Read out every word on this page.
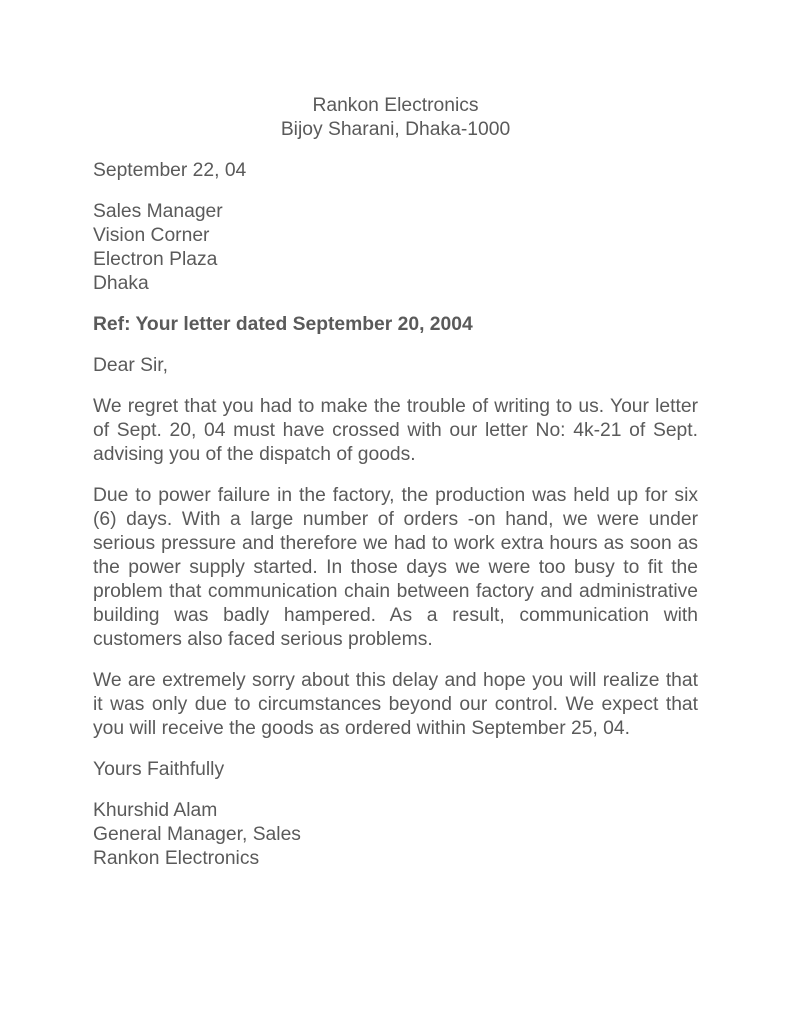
Rankon Electronics
Bijoy Sharani, Dhaka-1000
September 22, 04
Sales Manager
Vision Corner
Electron Plaza
Dhaka
Ref: Your letter dated September 20, 2004
Dear Sir,

We regret that you had to make the trouble of writing to us. Your letter of Sept. 20, 04 must have crossed with our letter No: 4k-21 of Sept. advising you of the dispatch of goods.

Due to power failure in the factory, the production was held up for six (6) days. With a large number of orders -on hand, we were under serious pressure and therefore we had to work extra hours as soon as the power supply started. In those days we were too busy to fit the problem that communication chain between factory and administrative building was badly hampered. As a result, communication with customers also faced serious problems.

We are extremely sorry about this delay and hope you will realize that it was only due to circumstances beyond our control. We expect that you will receive the goods as ordered within September 25, 04.

Yours Faithfully
Khurshid Alam
General Manager, Sales
Rankon Electronics
